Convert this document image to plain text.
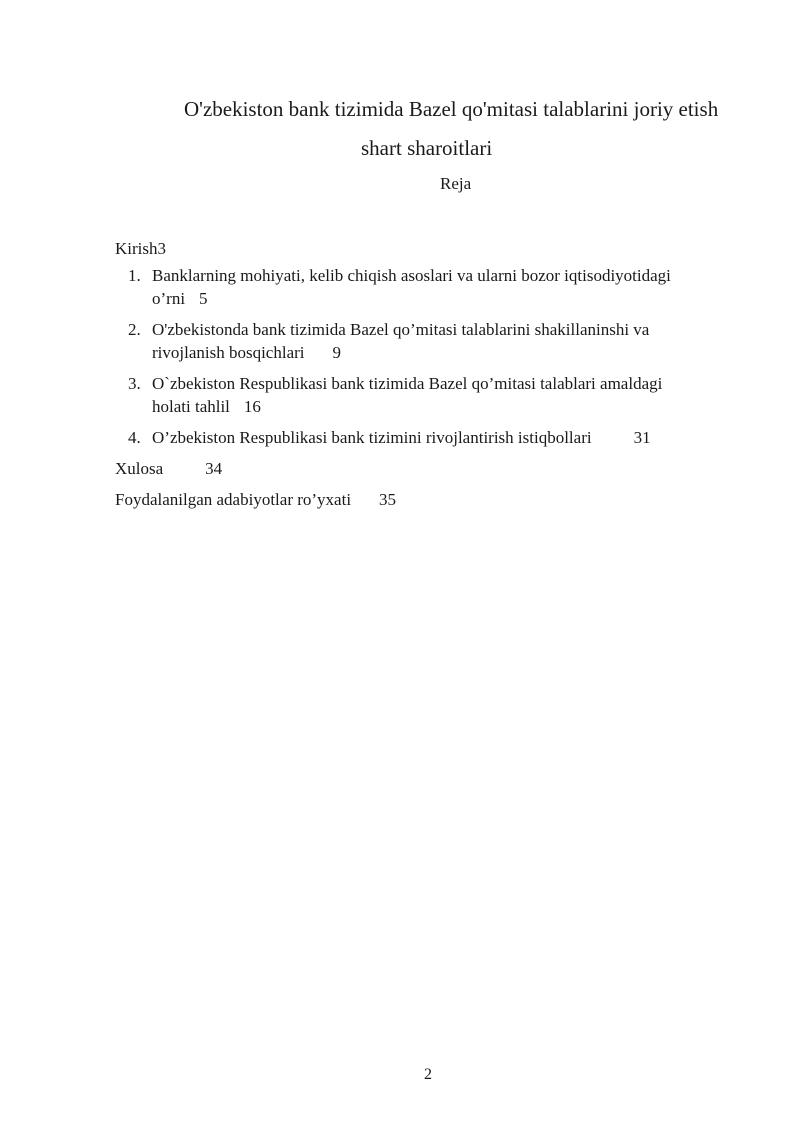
O'zbekiston bank tizimida Bazel qo'mitasi talablarini joriy etish
shart sharoitlari
Reja
Kirish3
1. Banklarning mohiyati, kelib chiqish asoslari va ularni bozor iqtisodiyotidagi
o’rni 5
2. O'zbekistonda bank tizimida Bazel qo’mitasi talablarini shakillaninshi va
rivojlanish bosqichlari 9
3. O`zbekiston Respublikasi bank tizimida Bazel qo’mitasi talablari amaldagi
holati tahlil 16
4. O’zbekiston Respublikasi bank tizimini rivojlantirish istiqbollari 31
Xulosa 34
Foydalanilgan adabiyotlar ro’yxati 35
2
